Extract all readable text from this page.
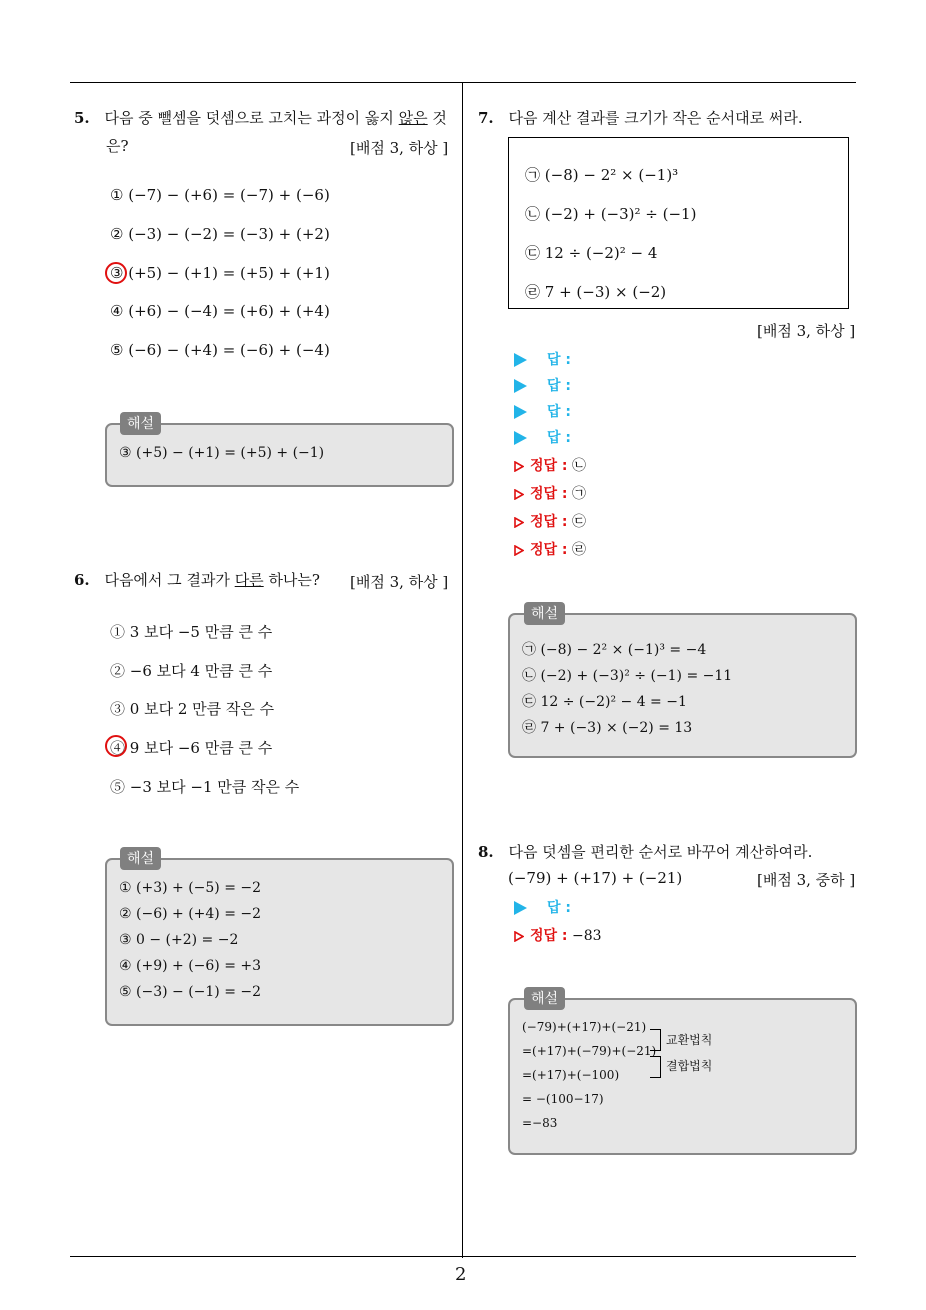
5. 다음 중 뺄셈을 덧셈으로 고치는 과정이 옳지 않은 것
은?	[배점 3, 하상 ]
① (−7) − (+6) = (−7) + (−6)
② (−3) − (−2) = (−3) + (+2)
③ (+5) − (+1) = (+5) + (+1)
④ (+6) − (−4) = (+6) + (+4)
⑤ (−6) − (+4) = (−6) + (−4)
③ (+5) − (+1) = (+5) + (−1)
해설
6. 다음에서 그 결과가 다른 하나는? [배점 3, 하상 ]
① 3 보다 −5 만큼 큰 수
② −6 보다 4 만큼 큰 수
③ 0 보다 2 만큼 작은 수
④ 9 보다 −6 만큼 큰 수
⑤ −3 보다 −1 만큼 작은 수
① (+3) + (−5) = −2
② (−6) + (+4) = −2
③ 0 − (+2) = −2
④ (+9) + (−6) = +3
⑤ (−3) − (−1) = −2
해설
7. 다음 계산 결과를 크기가 작은 순서대로 써라.
㉠ (−8) − 2² × (−1)³
㉡ (−2) + (−3)² ÷ (−1)
㉢ 12 ÷ (−2)² − 4
㉣ 7 + (−3) × (−2)
[배점 3, 하상 ]
답 :
답 :
답 :
답 :
정답 : ㉡
정답 : ㉠
정답 : ㉢
정답 : ㉣
㉠ (−8) − 2² × (−1)³ = −4
㉡ (−2) + (−3)² ÷ (−1) = −11
㉢ 12 ÷ (−2)² − 4 = −1
㉣ 7 + (−3) × (−2) = 13
해설
8. 다음 덧셈을 편리한 순서로 바꾸어 계산하여라.
(−79) + (+17) + (−21)	[배점 3, 중하 ]
답 :
정답 : −83
(−79)+(+17)+(−21)
=(+17)+(−79)+(−21)
=(+17)+(−100)
= −(100−17)
=−83
교환법칙
결합법칙
해설
2
